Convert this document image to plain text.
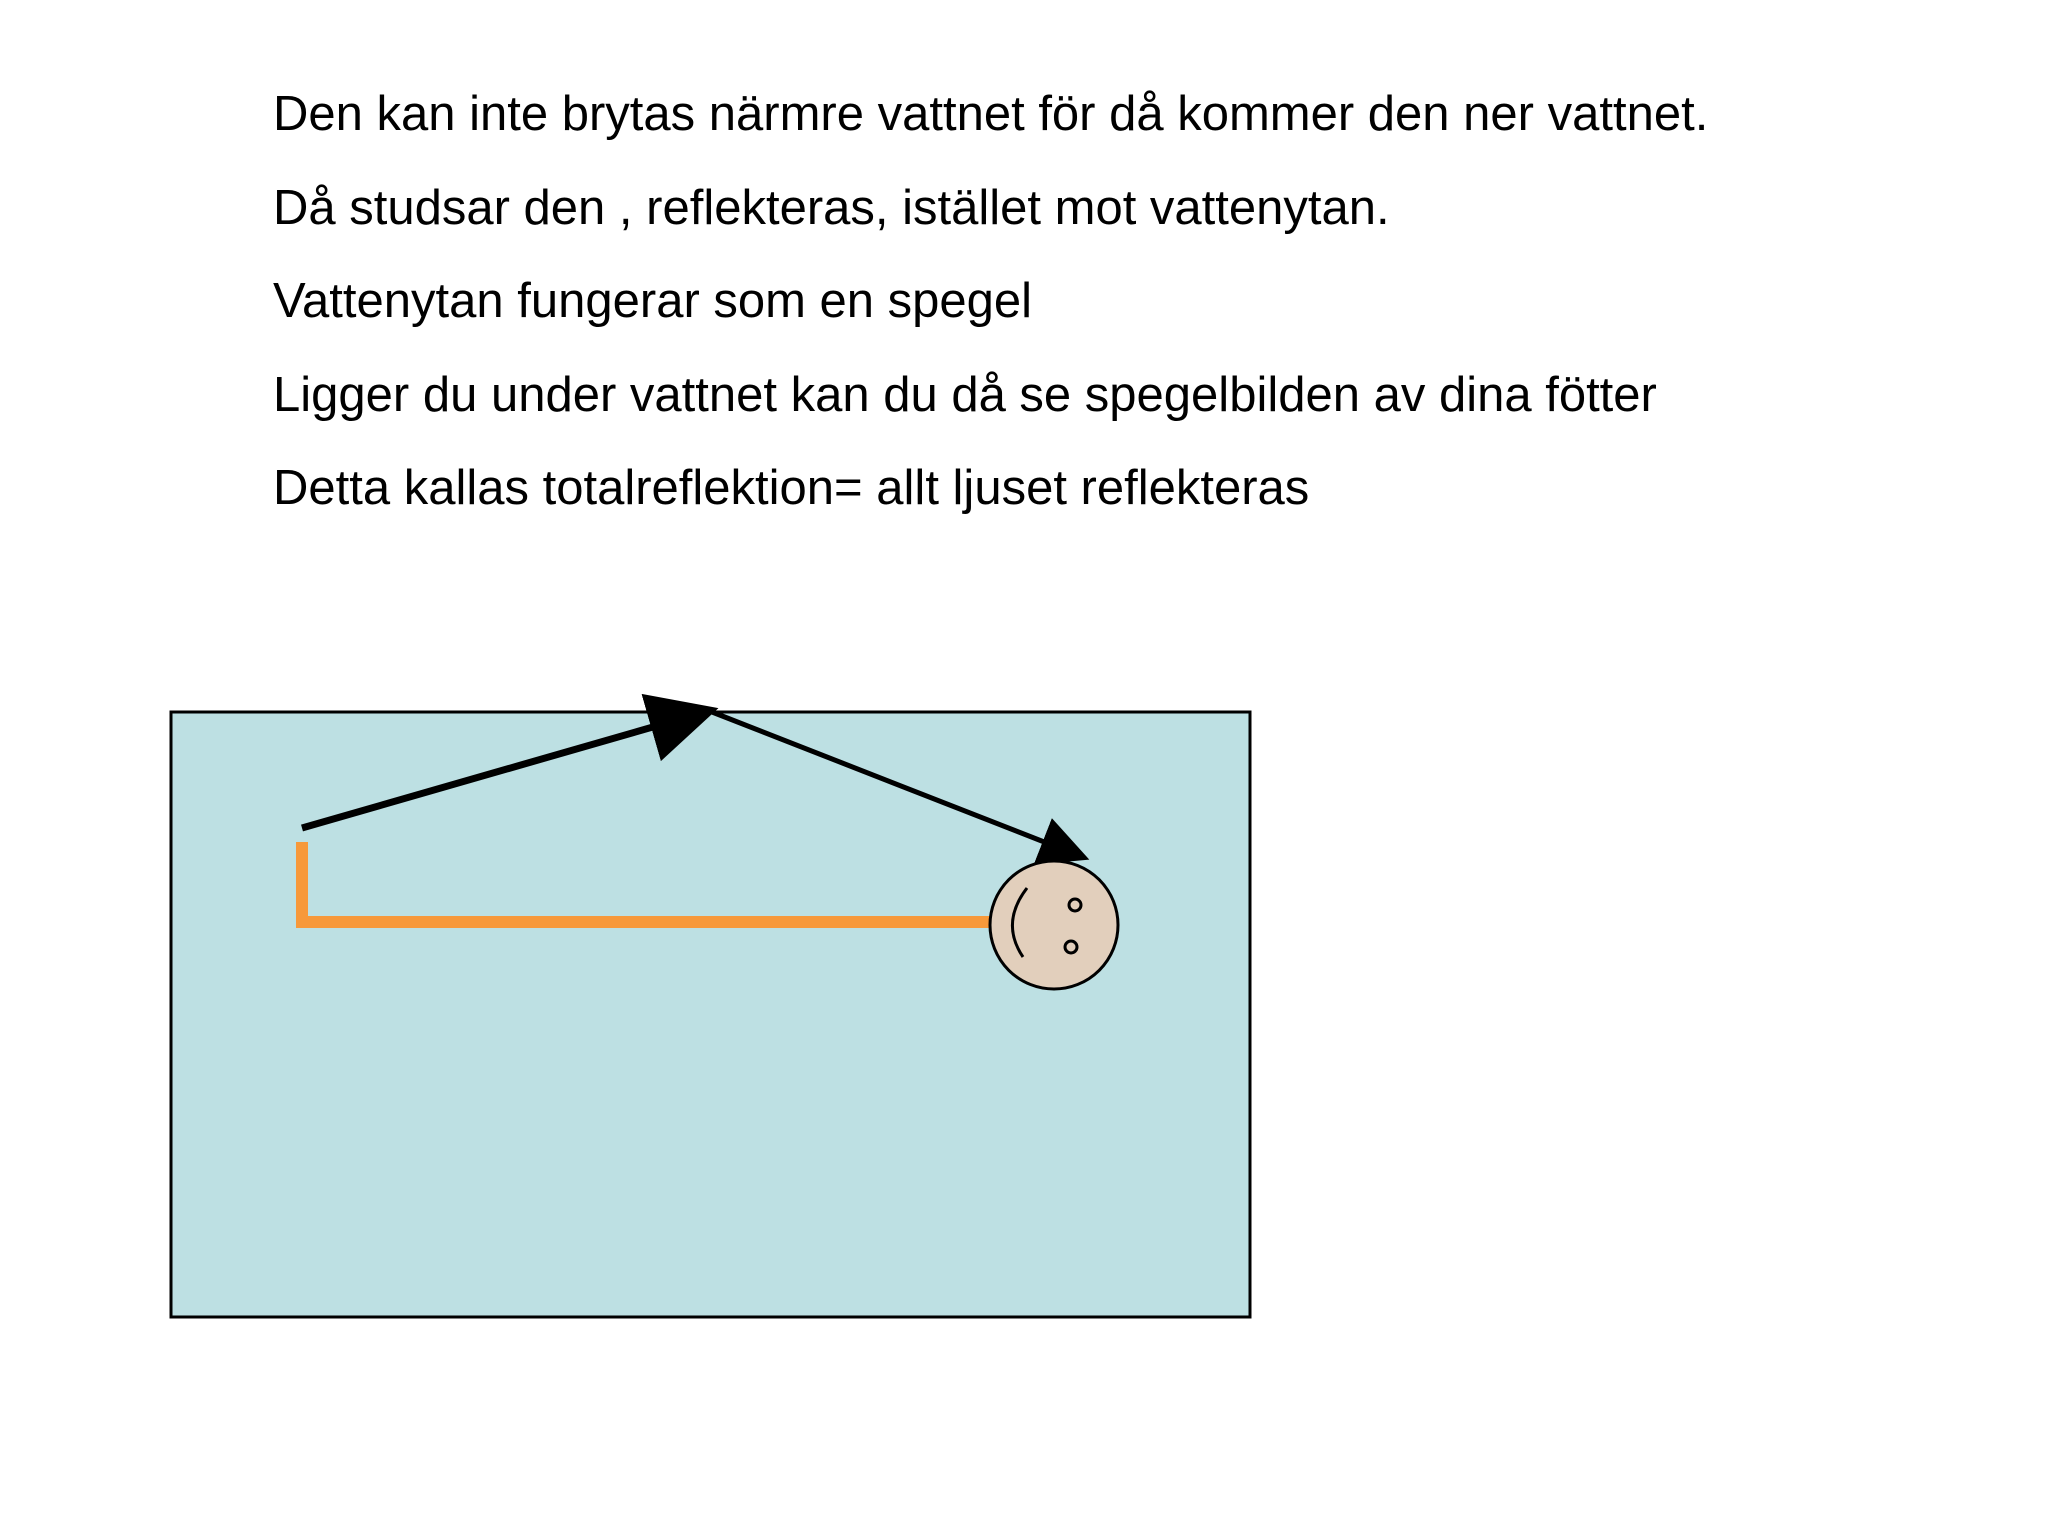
Den kan inte brytas närmre vattnet för då kommer den ner vattnet.

Då studsar den , reflekteras, istället mot vattenytan.

Vattenytan fungerar som en spegel

Ligger du under vattnet kan du då se spegelbilden av dina fötter

Detta kallas totalreflektion= allt ljuset reflekteras
